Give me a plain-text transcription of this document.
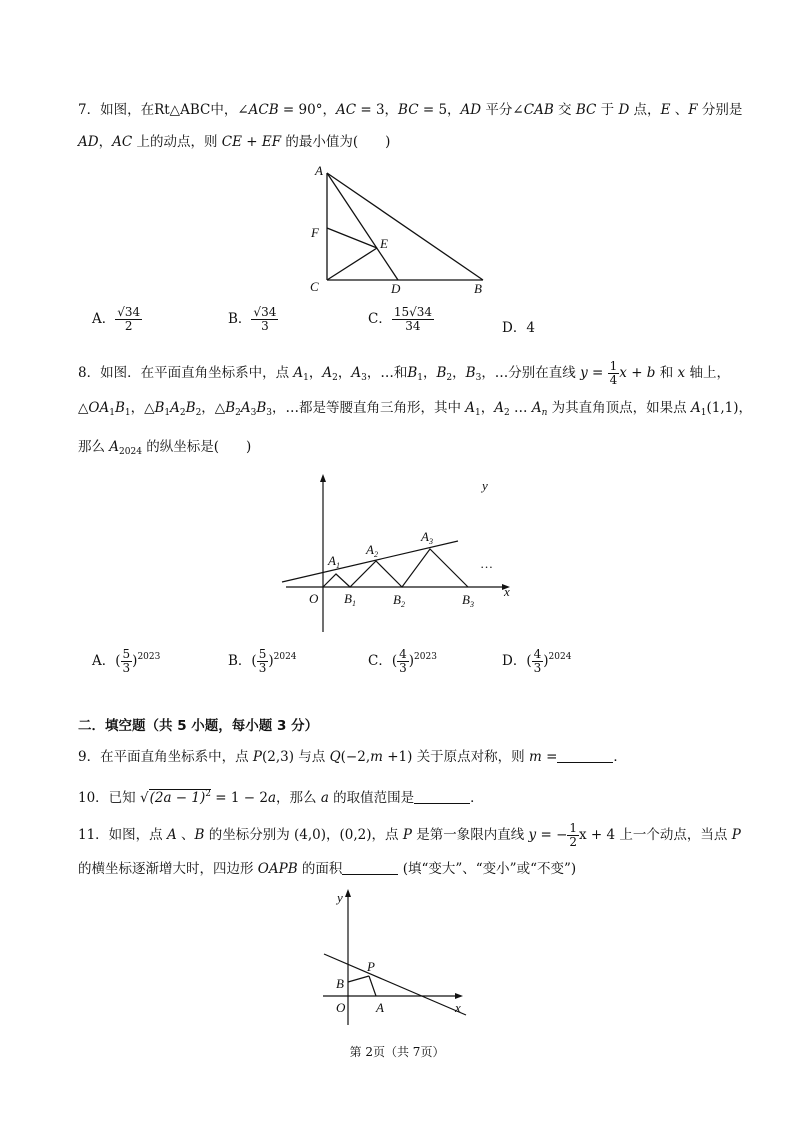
7．如图，在Rt△ABC中，∠ACB = 90°，AC = 3，BC = 5，AD 平分∠CAB 交 BC 于 D 点，E 、F 分别是
AD，AC 上的动点，则 CE + EF 的最小值为(　　)
A
F
E
C	D	B
A． $\frac{√34}{2}$	B． $\frac{√34}{3}$	C． $\frac{15√34}{34}$	D．4
8．如图．在平面直角坐标系中，点 $A_1$，$A_2$，$A_3$，…和$B_1$，$B_2$，$B_3$，…分别在直线 $y = \frac{1}{4}$ x + b 和 x 轴上，
$\triangle OA_1B_1$，$\triangle B_1A_2B_2$，$\triangle B_2A_3B_3$，…都是等腰直角三角形，其中 $A_1$，$A_2$ … $A_n$ 为其直角顶点，如果点 $A_1(1,1)$，
那么 $A_{2024}$ 的纵坐标是(　　)
y
x
O
$A_1$
$A_2$
$A_3$
$B_1$	$B_2$	$B_3$
…
A．( $\frac{5}{3} )^{2023}$	B．( $\frac{5}{3} )^{2024}$	C．( $\frac{4}{3} )^{2023}$	D．( $\frac{4}{3} )^{2024}$
二．填空题（共 5 小题，每小题 3 分）
9．在平面直角坐标系中，点 P(2,3) 与点 Q(−2,m +1) 关于原点对称，则 m =	．
10．已知 $√(2a - 1)^2 = 1 - 2a$，那么 a 的取值范围是	．
11．如图，点 A 、B 的坐标分别为 (4,0)，(0,2)，点 P 是第一象限内直线 y = − $\frac{1}{2}$ x + 4 上一个动点，当点 P
的横坐标逐渐增大时，四边形 OAPB 的面积	(填“变大”、“变小”或“不变”)
y
x
O
B
P
A
第 2页（共 7页）
